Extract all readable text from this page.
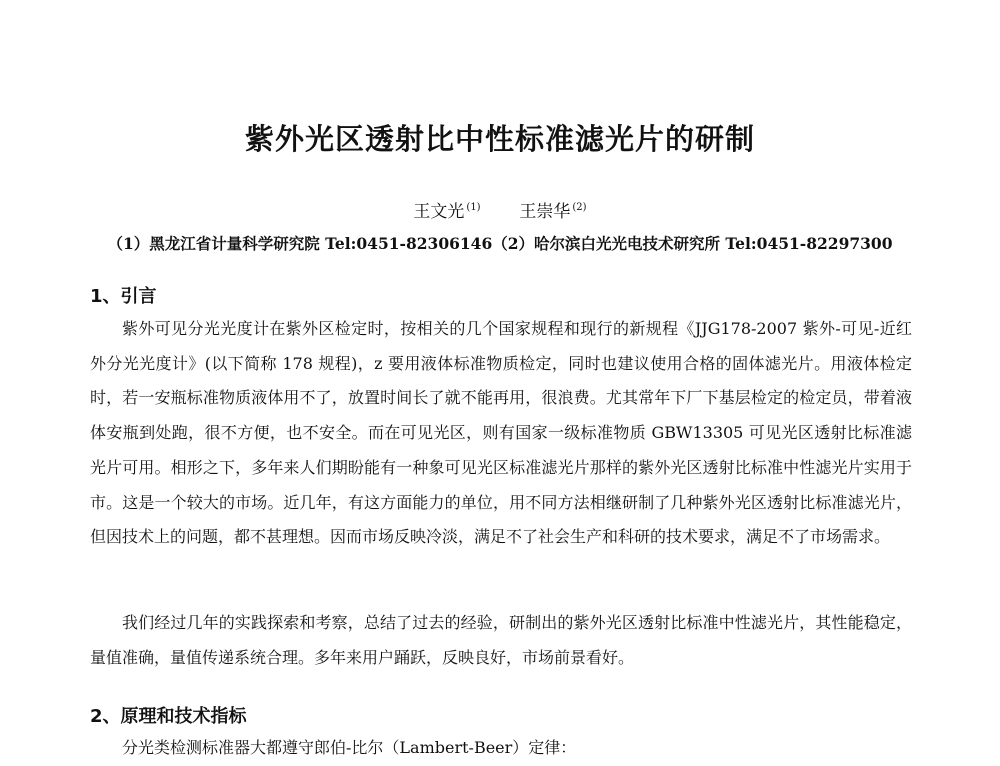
紫外光区透射比中性标准滤光片的研制
王文光 $^{(1)}$ 王崇华 $^{(2)}$
（1）黑龙江省计量科学研究院 Tel:0451-82306146（2）哈尔滨白光光电技术研究所 Tel:0451-82297300
1、引言
紫外可见分光光度计在紫外区检定时，按相关的几个国家规程和现行的新规程《JJG178-2007 紫外-可见-近红外分光光度计》(以下简称 178 规程)，z 要用液体标准物质检定，同时也建议使用合格的固体滤光片。用液体检定时，若一安瓶标准物质液体用不了，放置时间长了就不能再用，很浪费。尤其常年下厂下基层检定的检定员，带着液体安瓶到处跑，很不方便，也不安全。而在可见光区，则有国家一级标准物质 GBW13305 可见光区透射比标准滤光片可用。相形之下，多年来人们期盼能有一种象可见光区标准滤光片那样的紫外光区透射比标准中性滤光片实用于市。这是一个较大的市场。近几年，有这方面能力的单位，用不同方法相继研制了几种紫外光区透射比标准滤光片，但因技术上的问题，都不甚理想。因而市场反映冷淡，满足不了社会生产和科研的技术要求，满足不了市场需求。
我们经过几年的实践探索和考察，总结了过去的经验，研制出的紫外光区透射比标准中性滤光片，其性能稳定，量值准确，量值传递系统合理。多年来用户踊跃，反映良好，市场前景看好。
2、原理和技术指标
分光类检测标准器大都遵守郎伯-比尔（Lambert-Beer）定律：
